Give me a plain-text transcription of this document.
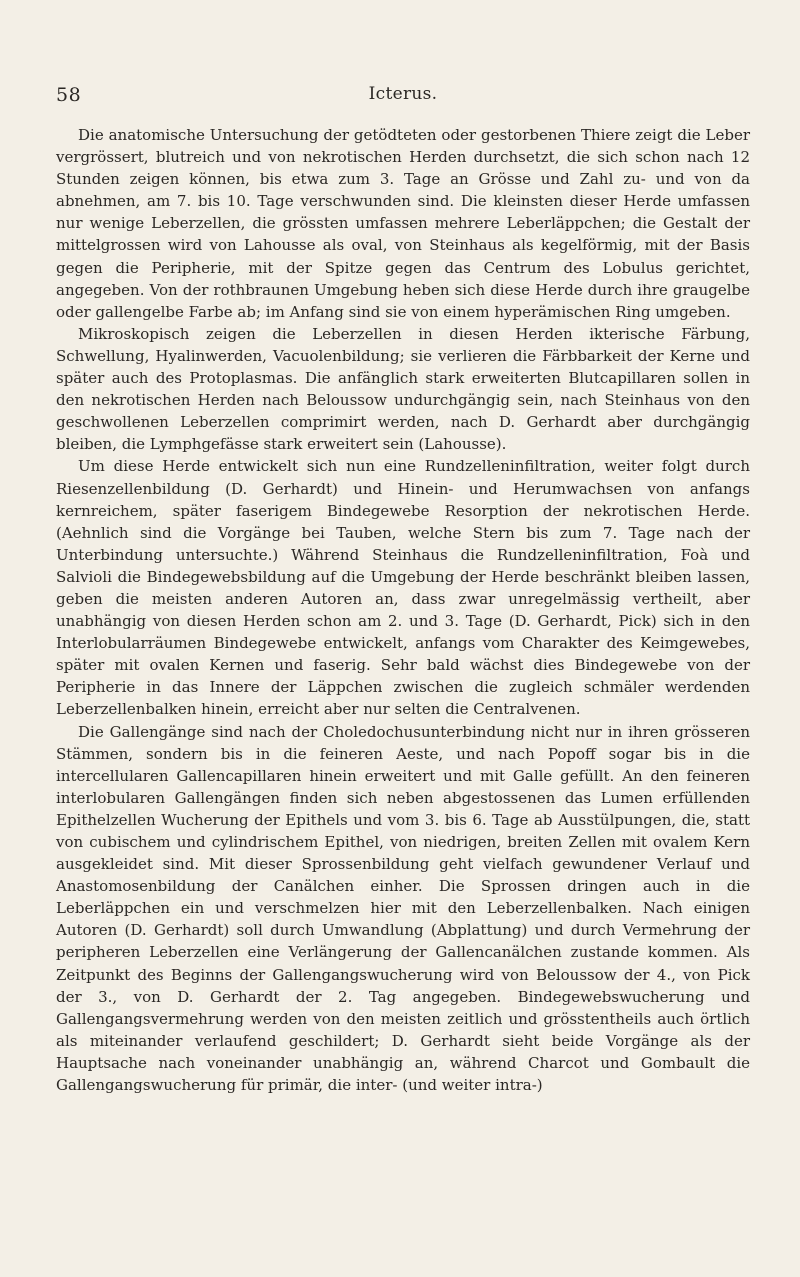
58	Icterus.

Die anatomische Untersuchung der getödteten oder gestorbenen Thiere zeigt die Leber vergrössert, blutreich und von nekrotischen Herden durchsetzt, die sich schon nach 12 Stunden zeigen können, bis etwa zum 3. Tage an Grösse und Zahl zu- und von da abnehmen, am 7. bis 10. Tage verschwunden sind. Die kleinsten dieser Herde umfassen nur wenige Leberzellen, die grössten umfassen mehrere Leberläppchen; die Gestalt der mittelgrossen wird von Lahousse als oval, von Steinhaus als kegelförmig, mit der Basis gegen die Peripherie, mit der Spitze gegen das Centrum des Lobulus gerichtet, angegeben. Von der rothbraunen Umgebung heben sich diese Herde durch ihre graugelbe oder gallengelbe Farbe ab; im Anfang sind sie von einem hyperämischen Ring umgeben.

Mikroskopisch zeigen die Leberzellen in diesen Herden ikterische Färbung, Schwellung, Hyalinwerden, Vacuolenbildung; sie verlieren die Färbbarkeit der Kerne und später auch des Protoplasmas. Die anfänglich stark erweiterten Blutcapillaren sollen in den nekrotischen Herden nach Beloussow undurchgängig sein, nach Steinhaus von den geschwollenen Leberzellen comprimirt werden, nach D. Gerhardt aber durchgängig bleiben, die Lymphgefässe stark erweitert sein (Lahousse).

Um diese Herde entwickelt sich nun eine Rundzelleninfiltration, weiter folgt durch Riesenzellenbildung (D. Gerhardt) und Hinein- und Herumwachsen von anfangs kernreichem, später faserigem Bindegewebe Resorption der nekrotischen Herde. (Aehnlich sind die Vorgänge bei Tauben, welche Stern bis zum 7. Tage nach der Unterbindung untersuchte.) Während Steinhaus die Rundzelleninfiltration, Foà und Salvioli die Bindegewebsbildung auf die Umgebung der Herde beschränkt bleiben lassen, geben die meisten anderen Autoren an, dass zwar unregelmässig vertheilt, aber unabhängig von diesen Herden schon am 2. und 3. Tage (D. Gerhardt, Pick) sich in den Interlobularräumen Bindegewebe entwickelt, anfangs vom Charakter des Keimgewebes, später mit ovalen Kernen und faserig. Sehr bald wächst dies Bindegewebe von der Peripherie in das Innere der Läppchen zwischen die zugleich schmäler werdenden Leberzellenbalken hinein, erreicht aber nur selten die Centralvenen.

Die Gallengänge sind nach der Choledochusunterbindung nicht nur in ihren grösseren Stämmen, sondern bis in die feineren Aeste, und nach Popoff sogar bis in die intercellularen Gallencapillaren hinein erweitert und mit Galle gefüllt. An den feineren interlobularen Gallengängen finden sich neben abgestossenen das Lumen erfüllenden Epithelzellen Wucherung der Epithels und vom 3. bis 6. Tage ab Ausstülpungen, die, statt von cubischem und cylindrischem Epithel, von niedrigen, breiten Zellen mit ovalem Kern ausgekleidet sind. Mit dieser Sprossenbildung geht vielfach gewundener Verlauf und Anastomosenbildung der Canälchen einher. Die Sprossen dringen auch in die Leberläppchen ein und verschmelzen hier mit den Leberzellenbalken. Nach einigen Autoren (D. Gerhardt) soll durch Umwandlung (Abplattung) und durch Vermehrung der peripheren Leberzellen eine Verlängerung der Gallencanälchen zustande kommen. Als Zeitpunkt des Beginns der Gallengangswucherung wird von Beloussow der 4., von Pick der 3., von D. Gerhardt der 2. Tag angegeben. Bindegewebswucherung und Gallengangsvermehrung werden von den meisten zeitlich und grösstentheils auch örtlich als miteinander verlaufend geschildert; D. Gerhardt sieht beide Vorgänge als der Hauptsache nach voneinander unabhängig an, während Charcot und Gombault die Gallengangswucherung für primär, die inter- (und weiter intra-)
